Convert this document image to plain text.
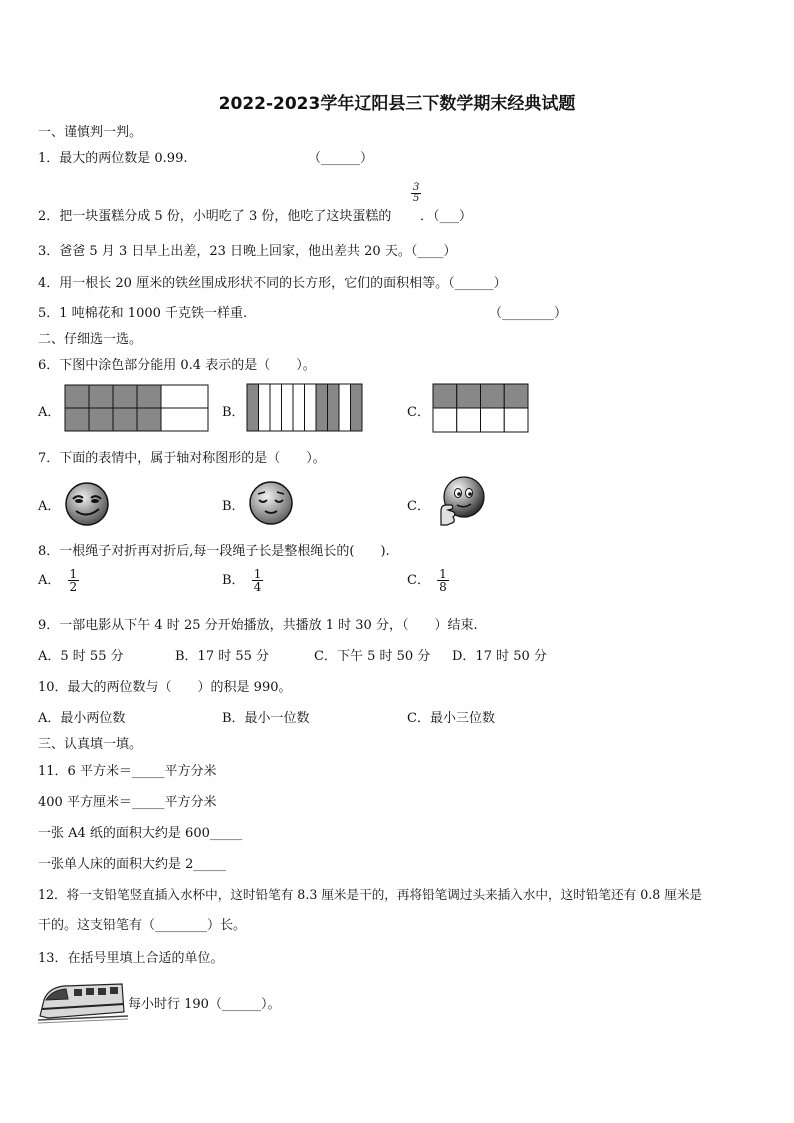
2022-2023学年辽阳县三下数学期末经典试题
一、谨慎判一判。
1．最大的两位数是 0.99.	（______）
2．把一块蛋糕分成 5 份，小明吃了 3 份，他吃了这块蛋糕的
$\frac{3}{5}$
．（___）
3．爸爸 5 月 3 日早上出差，23 日晚上回家，他出差共 20 天。（____）
4．用一根长 20 厘米的铁丝围成形状不同的长方形，它们的面积相等。（______）
5．1 吨棉花和 1000 千克铁一样重.	（________）
二、仔细选一选。
6．下图中涂色部分能用 0.4 表示的是（　　）。
A．	B．	C．
7．下面的表情中，属于轴对称图形的是（　　）。
A．	B．	C．
8．一根绳子对折再对折后,每一段绳子长是整根绳长的(　　).
A． $\frac{1}{2}$	B． $\frac{1}{4}$	C． $\frac{1}{8}$
9．一部电影从下午 4 时 25 分开始播放，共播放 1 时 30 分，（　　）结束.
A．5 时 55 分	B．17 时 55 分	C．下午 5 时 50 分 D．17 时 50 分
10．最大的两位数与（　　）的积是 990。
A．最小两位数	B．最小一位数	C．最小三位数
三、认真填一填。
11．6 平方米＝_____平方分米
400 平方厘米＝_____平方分米
一张 A4 纸的面积大约是 600_____
一张单人床的面积大约是 2_____
12．将一支铅笔竖直插入水杯中，这时铅笔有 8.3 厘米是干的，再将铅笔调过头来插入水中，这时铅笔还有 0.8 厘米是
干的。这支铅笔有（________）长。
13．在括号里填上合适的单位。
每小时行 190（______）。
